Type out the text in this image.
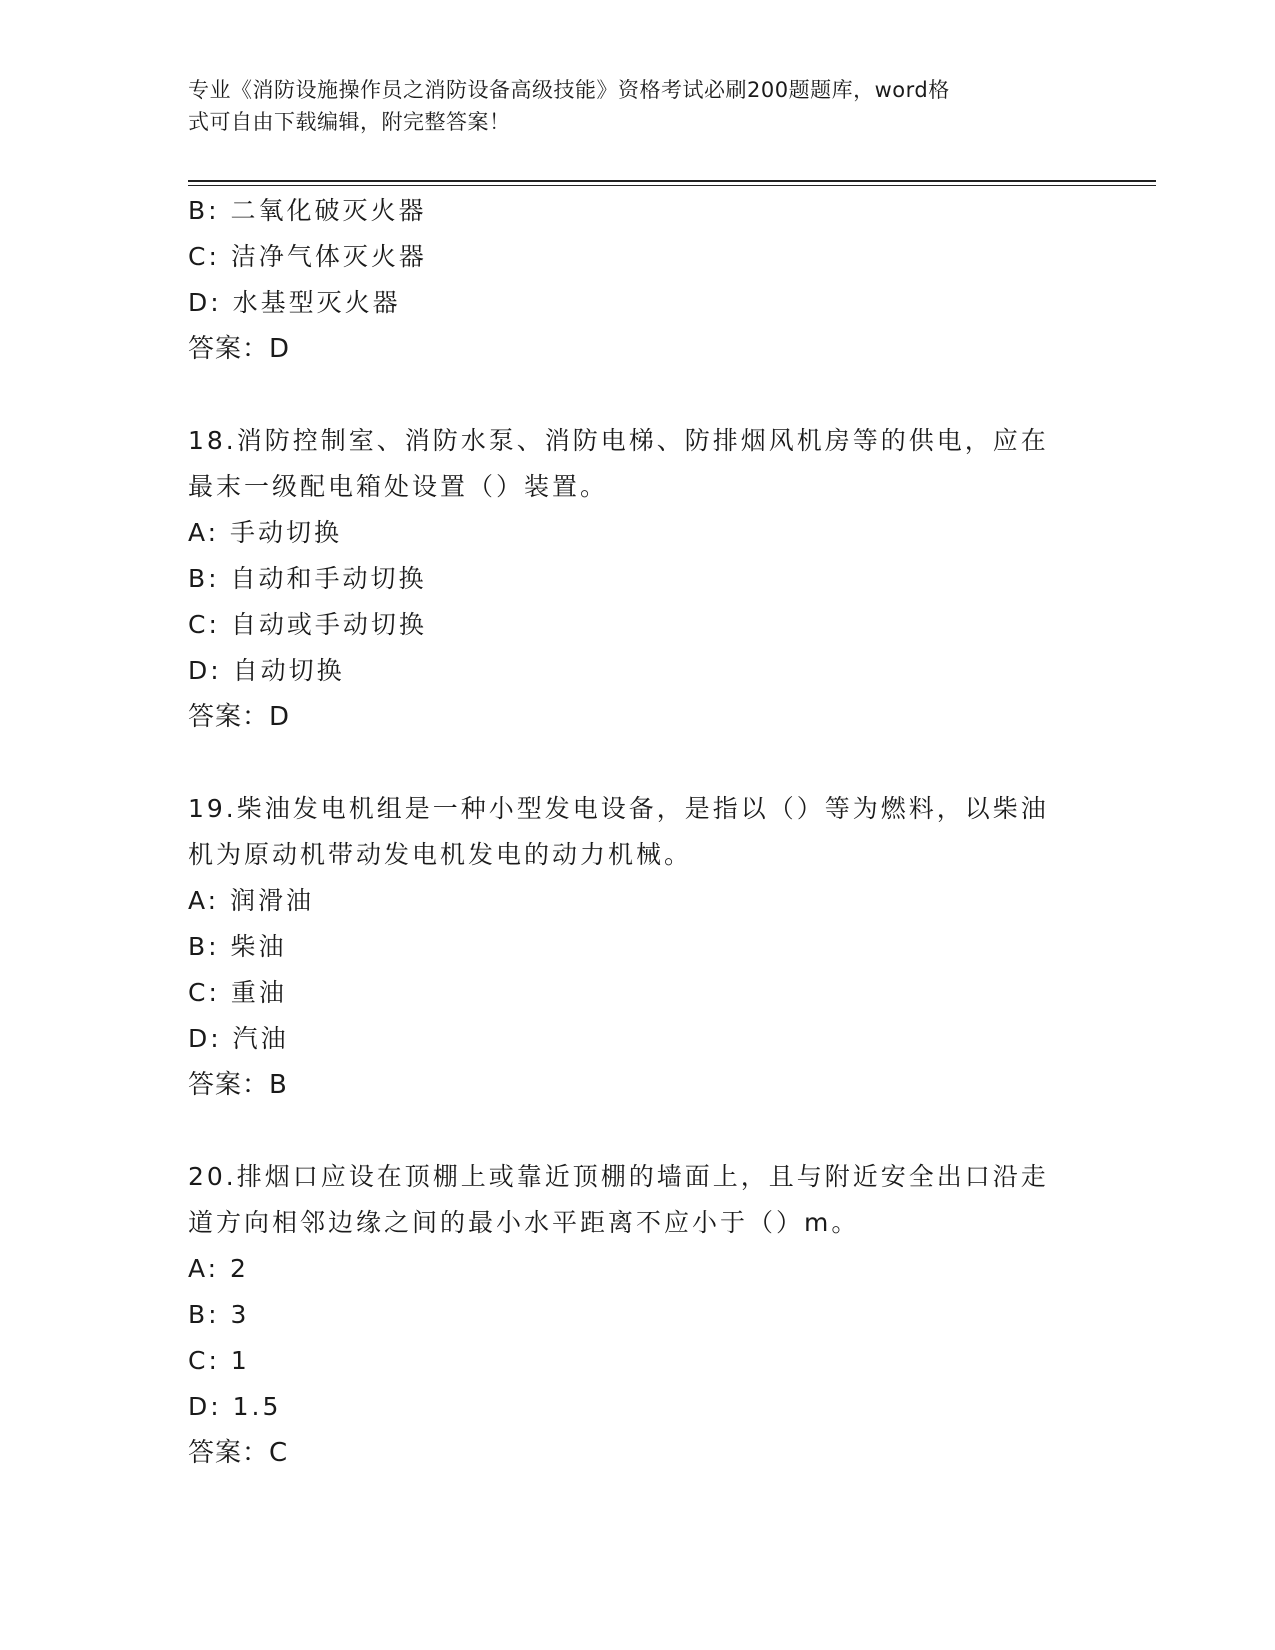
专业《消防设施操作员之消防设备高级技能》资格考试必刷200题题库，word格
式可自由下载编辑，附完整答案！
B: 二氧化破灭火器
C: 洁净气体灭火器
D: 水基型灭火器
答案：D
18.消防控制室、消防水泵、消防电梯、防排烟风机房等的供电，应在
最末一级配电箱处设置（）装置。
A: 手动切换
B: 自动和手动切换
C: 自动或手动切换
D: 自动切换
答案：D
19.柴油发电机组是一种小型发电设备，是指以（）等为燃料，以柴油
机为原动机带动发电机发电的动力机械。
A: 润滑油
B: 柴油
C: 重油
D: 汽油
答案：B
20.排烟口应设在顶棚上或靠近顶棚的墙面上，且与附近安全出口沿走
道方向相邻边缘之间的最小水平距离不应小于（）m。
A: 2
B: 3
C: 1
D: 1.5
答案：C
